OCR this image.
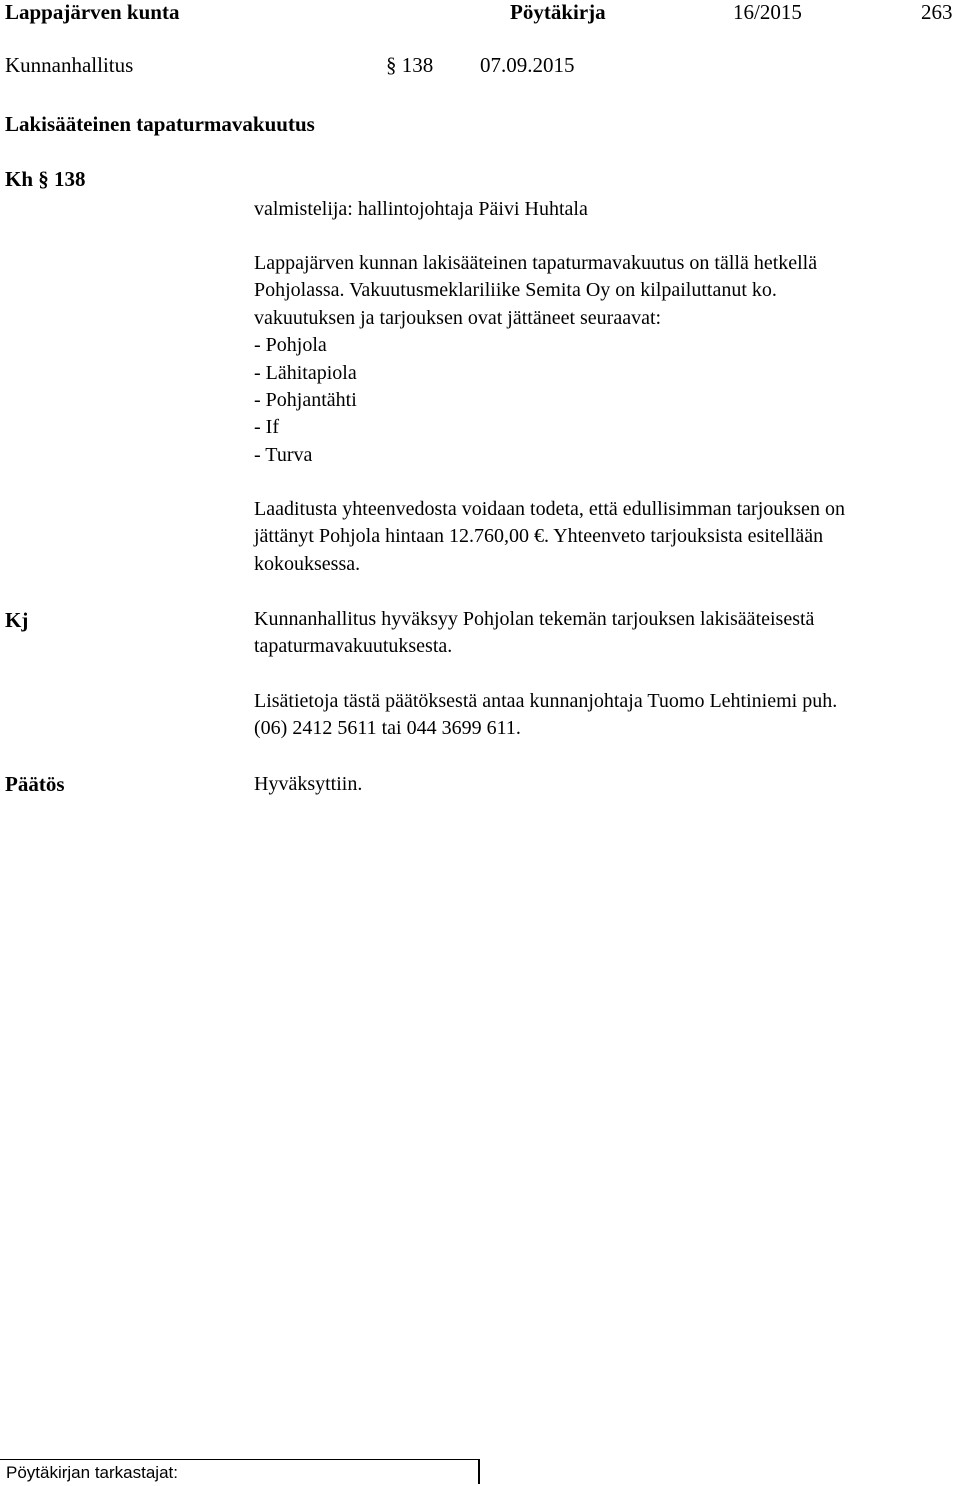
Lappajärven kunta	Pöytäkirja	16/2015	263
Kunnanhallitus	§ 138 07.09.2015
Lakisääteinen tapaturmavakuutus
Kh § 138
valmistelija: hallintojohtaja Päivi Huhtala
Lappajärven kunnan lakisääteinen tapaturmavakuutus on tällä hetkellä
Pohjolassa. Vakuutusmeklariliike Semita Oy on kilpailuttanut ko.
vakuutuksen ja tarjouksen ovat jättäneet seuraavat:
- Pohjola
- Lähitapiola
- Pohjantähti
- If
- Turva
Laaditusta yhteenvedosta voidaan todeta, että edullisimman tarjouksen on
jättänyt Pohjola hintaan 12.760,00 €. Yhteenveto tarjouksista esitellään
kokouksessa.
Kj	Kunnanhallitus hyväksyy Pohjolan tekemän tarjouksen lakisääteisestä
tapaturmavakuutuksesta.
Lisätietoja tästä päätöksestä antaa kunnanjohtaja Tuomo Lehtiniemi puh.
(06) 2412 5611 tai 044 3699 611.
Päätös	Hyväksyttiin.
Pöytäkirjan tarkastajat:
